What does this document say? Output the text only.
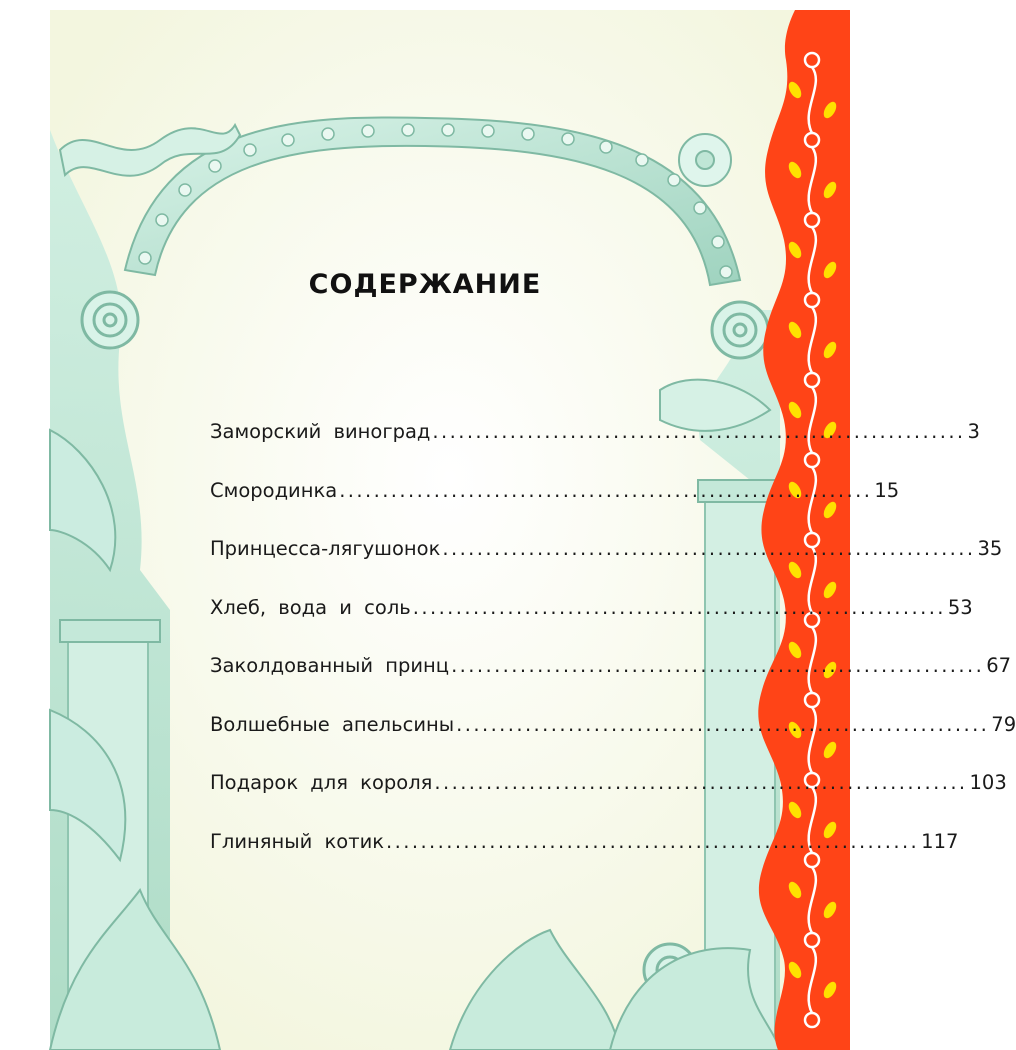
СОДЕРЖАНИЕ
Заморский виноград .............................................................. 3
Смородинка .............................................................. 15
Принцесса-лягушонок .............................................................. 35
Хлеб, вода и соль .............................................................. 53
Заколдованный принц .............................................................. 67
Волшебные апельсины .............................................................. 79
Подарок для короля .............................................................. 103
Глиняный котик .............................................................. 117
